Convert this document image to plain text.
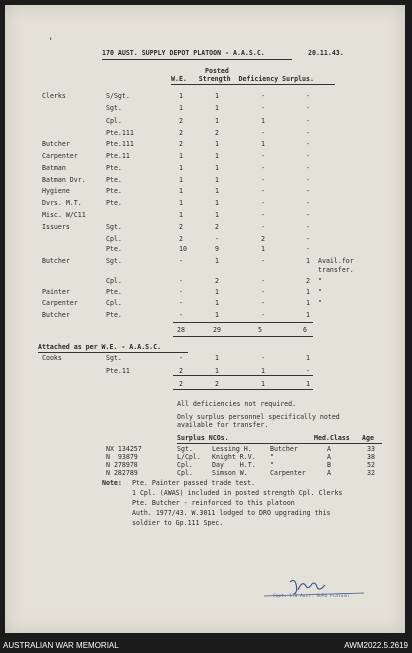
'
170 AUST. SUPPLY DEPOT PLATOON - A.A.S.C.	20.11.43.
Posted
W.E.   Strength  Deficiency Surplus.
Clerks	S/Sgt.	1	1	-	-
Sgt.	1	1	-	-
Cpl.	2	1	1	-
Pte.111	2	2	-	-
Butcher	Pte.111	2	1	1	-
Carpenter	Pte.11	1	1	-	-
Batman	Pte.	1	1	-	-
Batman Dvr.	Pte.	1	1	-	-
Hygiene	Pte.	1	1	-	-
Dvrs. M.T.	Pte.	1	1	-	-
Misc. W/C11	1	1	-	-
Issuers	Sgt.	2	2	-	-
Cpl.	2	-	2	-
Pte.	10	9	1	-
Butcher	Sgt.	-	1	-	1 Avail.for
transfer.
Cpl.	-	2	-	2 "
Painter	Pte.	-	1	-	1 "
Carpenter	Cpl.	-	1	-	1 "
Butcher	Pte.	-	1	-	1
28	29	5	6
Attached as per W.E. - A.A.S.C.
Cooks	Sgt.	-	1	-	1
Pte.11	2	1	1	-
2	2	1	1
All deficiencies not required.
Only surplus personnel specifically noted
available for transfer.
Surplus NCOs.	Med.Class Age
NX 134257	Sgt.	Lessing H.	Butcher	A	33
N  93879	L/Cpl. Knight R.V. "	A	38
N 278978	Cpl.	Day    H.T. "	B	52
N 282789	Cpl.	Simson W.	Carpenter	A	32
Note: Pte. Painter passed trade test.
1 Cpl. (AWAS) included in posted strength Cpl. Clerks
Pte. Butcher - reinforced to this platoon
Auth. 1977/43. W.3011 lodged to DRO upgrading this
soldier to Gp.111 Spec.
Capt. 170 Aust. SUPD Platoon
AUSTRALIAN WAR MEMORIAL	AWM2022.5.2619
